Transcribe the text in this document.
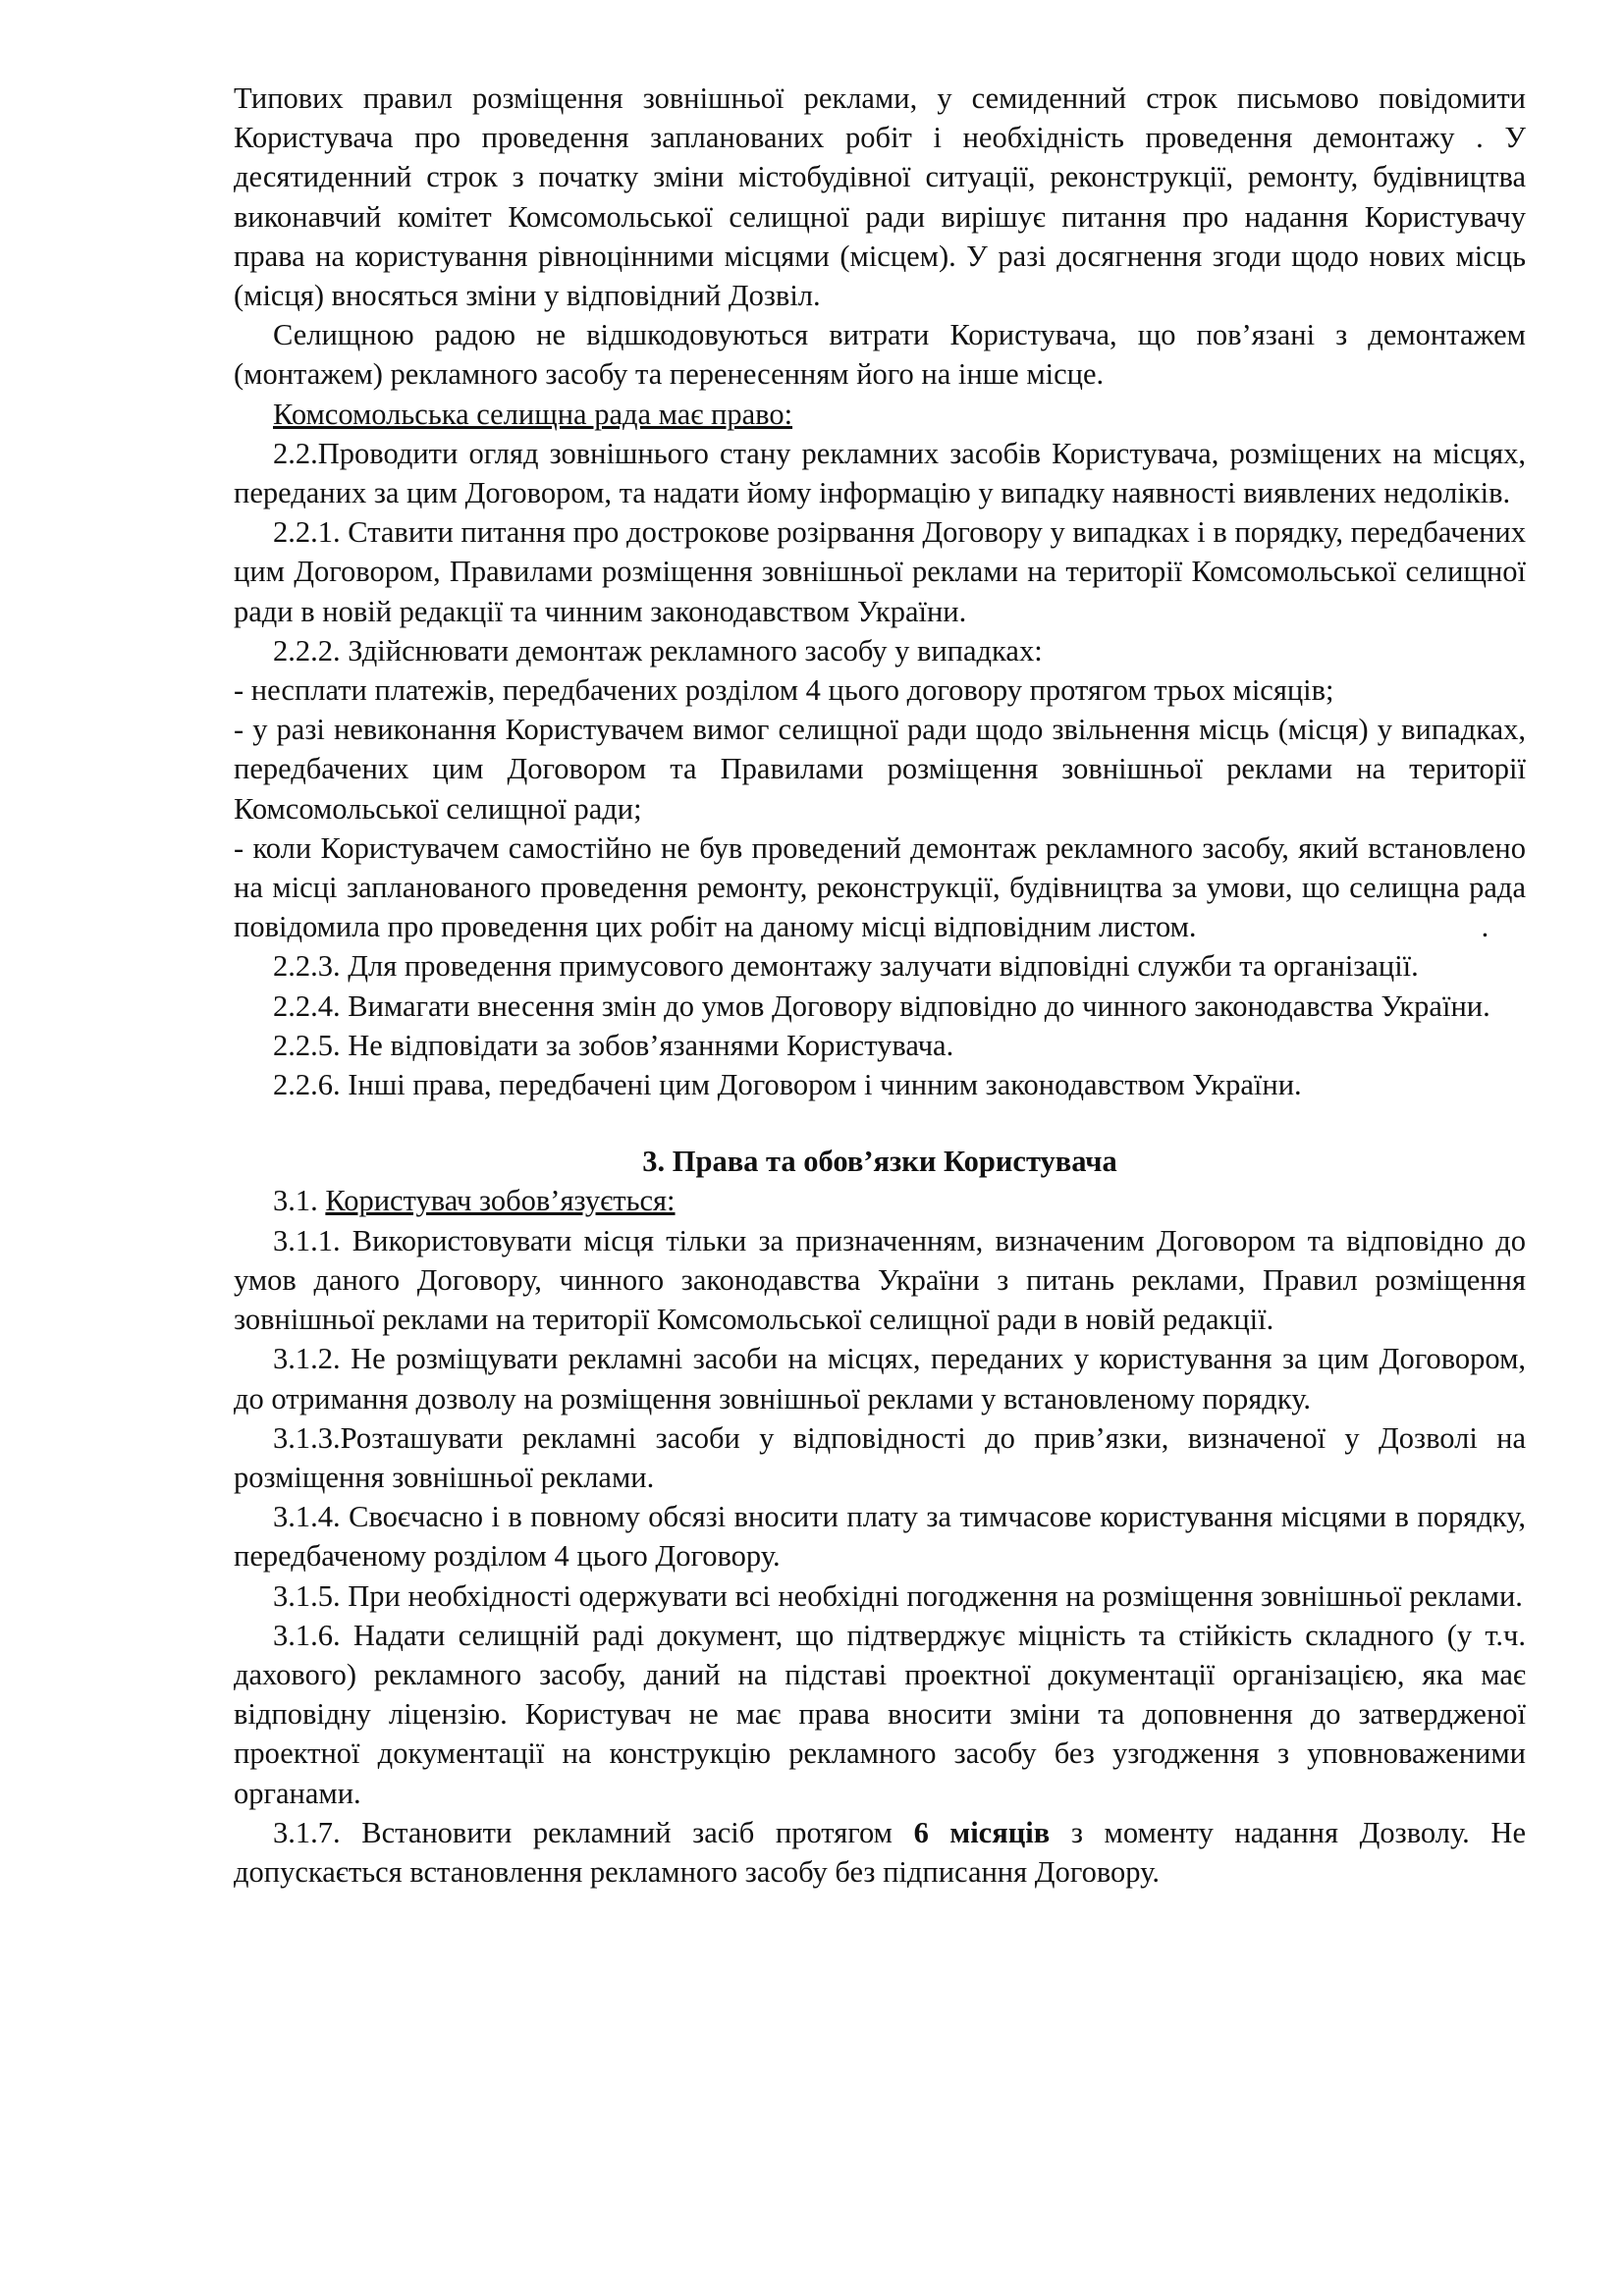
Типових правил розміщення зовнішньої реклами, у семиденний строк письмово повідомити Користувача про проведення запланованих робіт і необхідність проведення демонтажу . У десятиденний строк з початку зміни містобудівної ситуації, реконструкції, ремонту, будівництва виконавчий комітет Комсомольської селищної ради вирішує питання про надання Користувачу права на користування рівноцінними місцями (місцем). У разі досягнення згоди щодо нових місць (місця) вносяться зміни у відповідний Дозвіл.

Селищною радою не відшкодовуються витрати Користувача, що пов’язані з демонтажем (монтажем) рекламного засобу та перенесенням його на інше місце.

Комсомольська селищна рада має право:

2.2.Проводити огляд зовнішнього стану рекламних засобів Користувача, розміщених на місцях, переданих за цим Договором, та надати йому інформацію у випадку наявності виявлених недоліків.

2.2.1. Ставити питання про дострокове розірвання Договору у випадках і в порядку, передбачених цим Договором, Правилами розміщення зовнішньої реклами на території Комсомольської селищної ради в новій редакції та чинним законодавством України.

2.2.2. Здійснювати демонтаж рекламного засобу у випадках:

- несплати платежів, передбачених розділом 4 цього договору протягом трьох місяців;

- у разі невиконання Користувачем вимог селищної ради щодо звільнення місць (місця) у випадках, передбачених цим Договором та Правилами розміщення зовнішньої реклами на території Комсомольської селищної ради;

- коли Користувачем самостійно не був проведений демонтаж рекламного засобу, який встановлено на місці запланованого проведення ремонту, реконструкції, будівництва за умови, що селищна рада повідомила про проведення цих робіт на даному місці відповідним листом.	.

2.2.3. Для проведення примусового демонтажу залучати відповідні служби та організації.

2.2.4. Вимагати внесення змін до умов Договору відповідно до чинного законодавства України.

2.2.5. Не відповідати за зобов’язаннями Користувача.

2.2.6. Інші права, передбачені цим Договором і чинним законодавством України.

3. Права та обов’язки Користувача

3.1. Користувач зобов’язується:

3.1.1. Використовувати місця тільки за призначенням, визначеним Договором та відповідно до умов даного Договору, чинного законодавства України з питань реклами, Правил розміщення зовнішньої реклами на території Комсомольської селищної ради в новій редакції.

3.1.2. Не розміщувати рекламні засоби на місцях, переданих у користування за цим Договором, до отримання дозволу на розміщення зовнішньої реклами у встановленому порядку.

3.1.3.Розташувати рекламні засоби у відповідності до прив’язки, визначеної у Дозволі на розміщення зовнішньої реклами.

3.1.4. Своєчасно і в повному обсязі вносити плату за тимчасове користування місцями в порядку, передбаченому розділом 4 цього Договору.

3.1.5. При необхідності одержувати всі необхідні погодження на розміщення зовнішньої реклами.

3.1.6. Надати селищній раді документ, що підтверджує міцність та стійкість складного (у т.ч. дахового) рекламного засобу, даний на підставі проектної документації організацією, яка має відповідну ліцензію. Користувач не має права вносити зміни та доповнення до затвердженої проектної документації на конструкцію рекламного засобу без узгодження з уповноваженими органами.

3.1.7. Встановити рекламний засіб протягом 6 місяців з моменту надання Дозволу. Не допускається встановлення рекламного засобу без підписання Договору.
